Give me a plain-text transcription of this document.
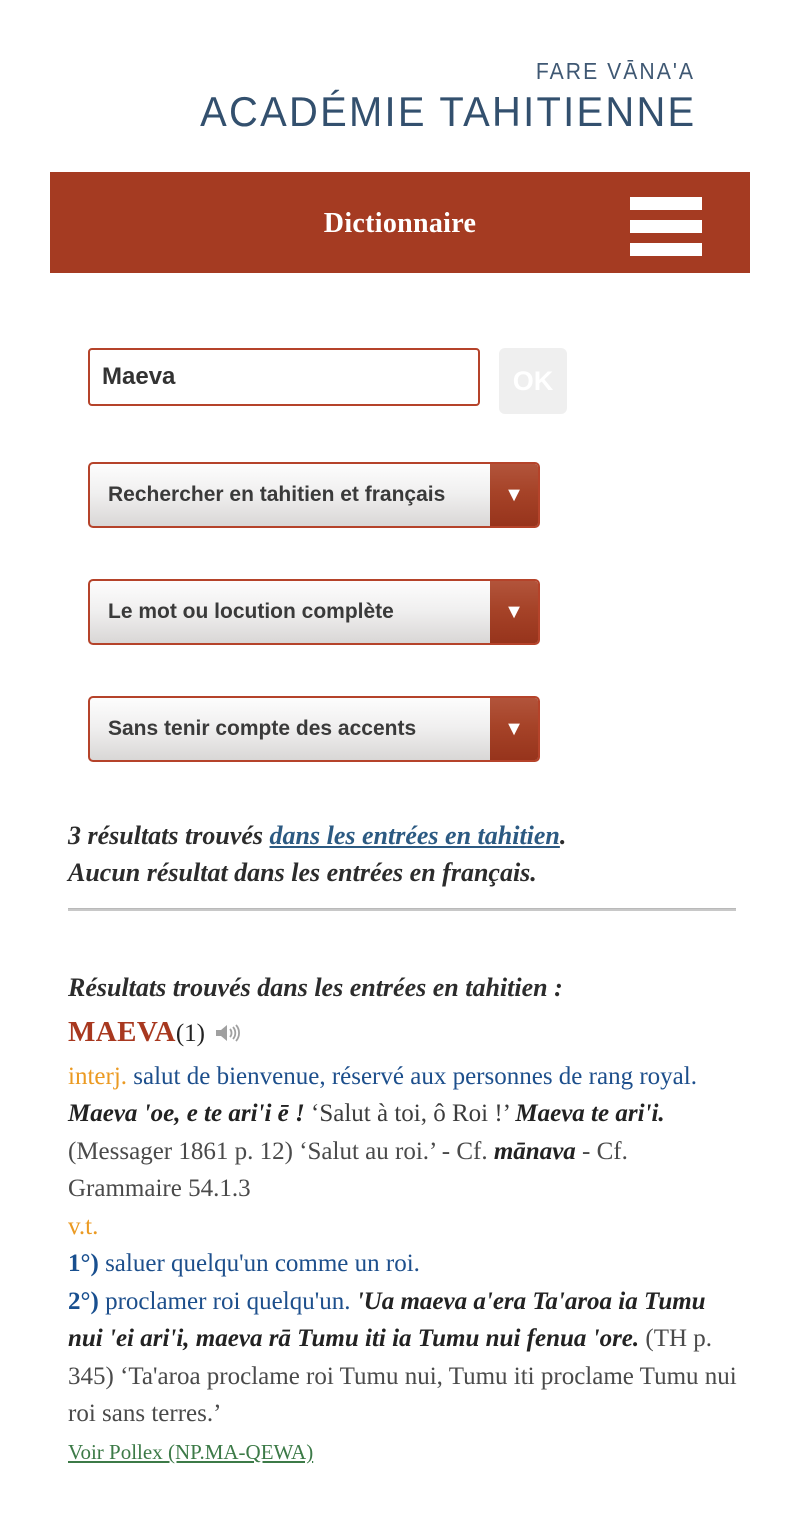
FARE VĀNA'A
ACADÉMIE TAHITIENNE
Dictionnaire
Maeva
OK
Rechercher en tahitien et français	▼
Le mot ou locution complète	▼
Sans tenir compte des accents	▼
3 résultats trouvés dans les entrées en tahitien.
Aucun résultat dans les entrées en français.
Résultats trouvés dans les entrées en tahitien :
MAEVA(1)
interj. salut de bienvenue, réservé aux personnes de rang royal. Maeva 'oe, e te ari'i ē ! ‘Salut à toi, ô Roi !’ Maeva te ari'i. (Messager 1861 p. 12) ‘Salut au roi.’ - Cf. mānava - Cf. Grammaire 54.1.3
v.t.
1°) saluer quelqu'un comme un roi.
2°) proclamer roi quelqu'un. 'Ua maeva a'era Ta'aroa ia Tumu nui 'ei ari'i, maeva rā Tumu iti ia Tumu nui fenua 'ore. (TH p. 345) ‘Ta'aroa proclame roi Tumu nui, Tumu iti proclame Tumu nui roi sans terres.’
Voir Pollex (NP.MA-QEWA)
